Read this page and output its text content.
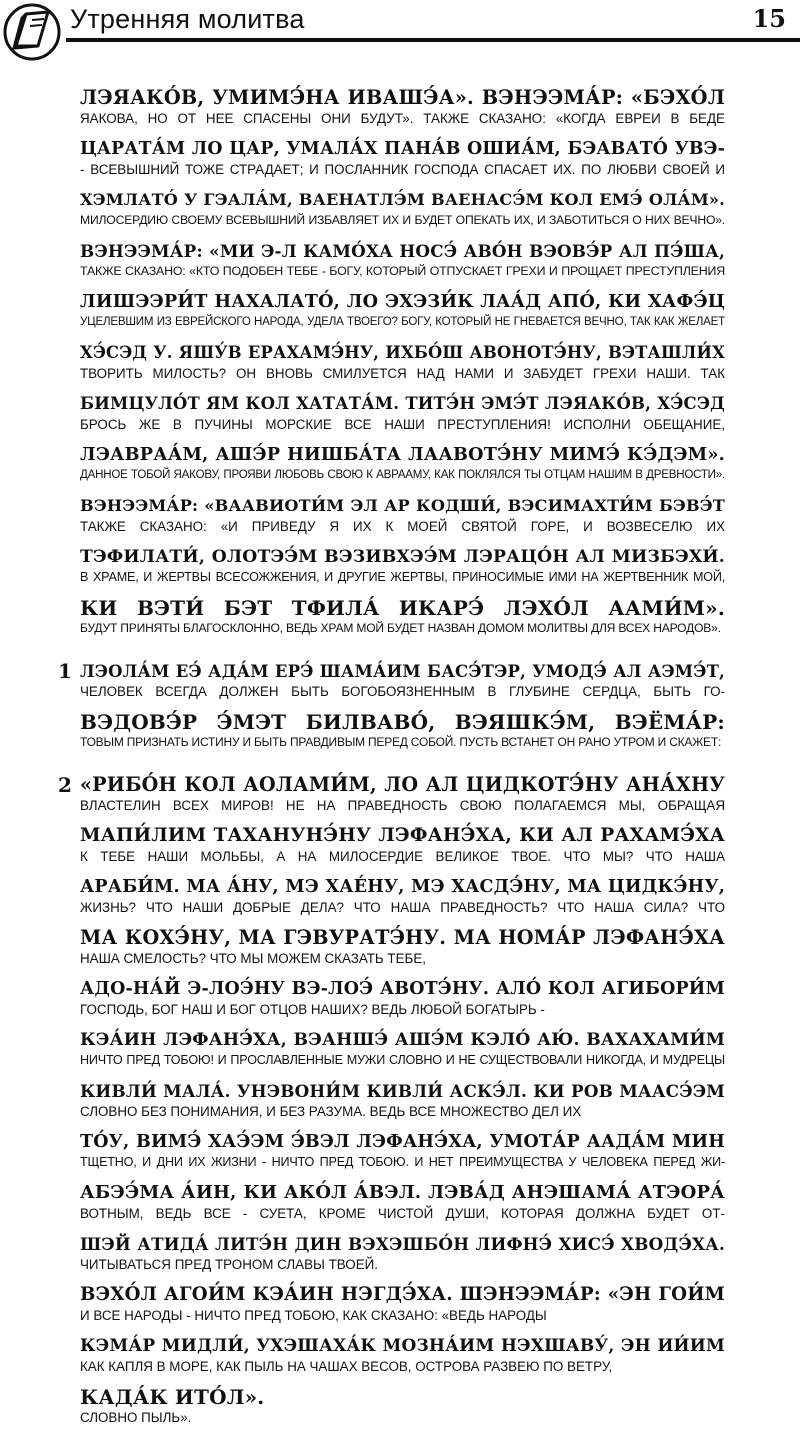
Утренняя молитва	15
ЛЭЯАКО́В, УМИМЭ́НА ИВАШЭ́А». ВЭНЭЭМА́Р: «БЭХО́Л
ЯАКОВА, НО ОТ НЕЕ СПАСЕНЫ ОНИ БУДУТ». ТАКЖЕ СКАЗАНО: «КОГДА ЕВРЕИ В БЕДЕ
ЦАРАТА́М ЛО ЦАР, УМАЛА́Х ПАНА́В ОШИА́М, БЭАВАТО́ УВЭ-
- ВСЕВЫШНИЙ ТОЖЕ СТРАДАЕТ; И ПОСЛАННИК ГОСПОДА СПАСАЕТ ИХ. ПО ЛЮБВИ СВОЕЙ И
ХЭМЛАТО́ У ГЭАЛА́М, ВАЕНАТЛЭ́М ВАЕНАСЭ́М КОЛ ЕМЭ́ ОЛА́М».
МИЛОСЕРДИЮ СВОЕМУ ВСЕВЫШНИЙ ИЗБАВЛЯЕТ ИХ И БУДЕТ ОПЕКАТЬ ИХ, И ЗАБОТИТЬСЯ О НИХ ВЕЧНО».
ВЭНЭЭМА́Р: «МИ Э-Л КАМО́ХА НОСЭ́ АВО́Н ВЭОВЭ́Р АЛ ПЭ́ША,
ТАКЖЕ СКАЗАНО: «КТО ПОДОБЕН ТЕБЕ - БОГУ, КОТОРЫЙ ОТПУСКАЕТ ГРЕХИ И ПРОЩАЕТ ПРЕСТУПЛЕНИЯ
ЛИШЭЭРИ́Т НАХАЛАТО́, ЛО ЭХЭЗИ́К ЛАА́Д АПО́, КИ ХАФЭ́Ц
УЦЕЛЕВШИМ ИЗ ЕВРЕЙСКОГО НАРОДА, УДЕЛА ТВОЕГО? БОГУ, КОТОРЫЙ НЕ ГНЕВАЕТСЯ ВЕЧНО, ТАК КАК ЖЕЛАЕТ
ХЭ́СЭД У. ЯШУ́В ЕРАХАМЭ́НУ, ИХБО́Ш АВОНОТЭ́НУ, ВЭТАШЛИ́Х
ТВОРИТЬ МИЛОСТЬ? ОН ВНОВЬ СМИЛУЕТСЯ НАД НАМИ И ЗАБУДЕТ ГРЕХИ НАШИ. ТАК
БИМЦУЛО́Т ЯМ КОЛ ХАТАТА́М. ТИТЭ́Н ЭМЭ́Т ЛЭЯАКО́В, ХЭ́СЭД
БРОСЬ ЖЕ В ПУЧИНЫ МОРСКИЕ ВСЕ НАШИ ПРЕСТУПЛЕНИЯ! ИСПОЛНИ ОБЕЩАНИЕ,
ЛЭАВРАА́М, АШЭ́Р НИШБА́ТА ЛААВОТЭ́НУ МИМЭ́ КЭ́ДЭМ».
ДАННОЕ ТОБОЙ ЯАКОВУ, ПРОЯВИ ЛЮБОВЬ СВОЮ К АВРААМУ, КАК ПОКЛЯЛСЯ ТЫ ОТЦАМ НАШИМ В ДРЕВНОСТИ».
ВЭНЭЭМА́Р: «ВААВИОТИ́М ЭЛ АР КОДШИ́, ВЭСИМАХТИ́М БЭВЭ́Т
ТАКЖЕ СКАЗАНО: «И ПРИВЕДУ Я ИХ К МОЕЙ СВЯТОЙ ГОРЕ, И ВОЗВЕСЕЛЮ ИХ
ТЭФИЛАТИ́, ОЛОТЭЭ́М ВЭЗИВХЭЭ́М ЛЭРАЦО́Н АЛ МИЗБЭХИ́.
В ХРАМЕ, И ЖЕРТВЫ ВСЕСОЖЖЕНИЯ, И ДРУГИЕ ЖЕРТВЫ, ПРИНОСИМЫЕ ИМИ НА ЖЕРТВЕННИК МОЙ,
КИ ВЭТИ́ БЭТ ТФИЛА́ ИКАРЭ́ ЛЭХО́Л ААМИ́М».
БУДУТ ПРИНЯТЫ БЛАГОСКЛОННО, ВЕДЬ ХРАМ МОЙ БУДЕТ НАЗВАН ДОМОМ МОЛИТВЫ ДЛЯ ВСЕХ НАРОДОВ».
1 ЛЭОЛА́М ЕЭ́ АДА́М ЕРЭ́ ШАМА́ИМ БАСЭ́ТЭР, УМОДЭ́ АЛ АЭМЭ́Т,
ЧЕЛОВЕК ВСЕГДА ДОЛЖЕН БЫТЬ БОГОБОЯЗНЕННЫМ В ГЛУБИНЕ СЕРДЦА, БЫТЬ ГО-
ВЭДОВЭ́Р Э́МЭТ БИЛВАВО́, ВЭЯШКЭ́М, ВЭЁМА́Р:
ТОВЫМ ПРИЗНАТЬ ИСТИНУ И БЫТЬ ПРАВДИВЫМ ПЕРЕД СОБОЙ. ПУСТЬ ВСТАНЕТ ОН РАНО УТРОМ И СКАЖЕТ:
2 «РИБО́Н КОЛ АОЛАМИ́М, ЛО АЛ ЦИДКОТЭ́НУ АНА́ХНУ
ВЛАСТЕЛИН ВСЕХ МИРОВ! НЕ НА ПРАВЕДНОСТЬ СВОЮ ПОЛАГАЕМСЯ МЫ, ОБРАЩАЯ
МАПИ́ЛИМ ТАХАНУНЭ́НУ ЛЭФАНЭ́ХА, КИ АЛ РАХАМЭ́ХА
К ТЕБЕ НАШИ МОЛЬБЫ, А НА МИЛОСЕРДИЕ ВЕЛИКОЕ ТВОЕ. ЧТО МЫ? ЧТО НАША
АРАБИ́М. МА А́НУ, МЭ ХАЕ́НУ, МЭ ХАСДЭ́НУ, МА ЦИДКЭ́НУ,
ЖИЗНЬ? ЧТО НАШИ ДОБРЫЕ ДЕЛА? ЧТО НАША ПРАВЕДНОСТЬ? ЧТО НАША СИЛА? ЧТО
МА КОХЭ́НУ, МА ГЭВУРАТЭ́НУ. МА НОМА́Р ЛЭФАНЭ́ХА
НАША СМЕЛОСТЬ? ЧТО МЫ МОЖЕМ СКАЗАТЬ ТЕБЕ,
АДО-НА́Й Э-ЛОЭ́НУ ВЭ-ЛОЭ́ АВОТЭ́НУ. АЛО́ КОЛ АГИБОРИ́М
ГОСПОДЬ, БОГ НАШ И БОГ ОТЦОВ НАШИХ? ВЕДЬ ЛЮБОЙ БОГАТЫРЬ -
КЭА́ИН ЛЭФАНЭ́ХА, ВЭАНШЭ́ АШЭ́М КЭЛО́ АЮ́. ВАХАХАМИ́М
НИЧТО ПРЕД ТОБОЮ! И ПРОСЛАВЛЕННЫЕ МУЖИ СЛОВНО И НЕ СУЩЕСТВОВАЛИ НИКОГДА, И МУДРЕЦЫ
КИВЛИ́ МАЛА́. УНЭВОНИ́М КИВЛИ́ АСКЭ́Л. КИ РОВ МААСЭ́ЭМ
СЛОВНО БЕЗ ПОНИМАНИЯ, И БЕЗ РАЗУМА. ВЕДЬ ВСЕ МНОЖЕСТВО ДЕЛ ИХ
ТО́У, ВИМЭ́ ХАЭ́ЭМ Э́ВЭЛ ЛЭФАНЭ́ХА, УМОТА́Р ААДА́М МИН
ТЩЕТНО, И ДНИ ИХ ЖИЗНИ - НИЧТО ПРЕД ТОБОЮ. И НЕТ ПРЕИМУЩЕСТВА У ЧЕЛОВЕКА ПЕРЕД ЖИ-
АБЭЭ́МА А́ИН, КИ АКО́Л А́ВЭЛ. ЛЭВА́Д АНЭШАМА́ АТЭОРА́
ВОТНЫМ, ВЕДЬ ВСЕ - СУЕТА, КРОМЕ ЧИСТОЙ ДУШИ, КОТОРАЯ ДОЛЖНА БУДЕТ ОТ-
ШЭЙ АТИДА́ ЛИТЭ́Н ДИН ВЭХЭШБО́Н ЛИФНЭ́ ХИСЭ́ ХВОДЭ́ХА.
ЧИТЫВАТЬСЯ ПРЕД ТРОНОМ СЛАВЫ ТВОЕЙ.
ВЭХО́Л АГОИ́М КЭА́ИН НЭГДЭ́ХА. ШЭНЭЭМА́Р: «ЭН ГОИ́М
И ВСЕ НАРОДЫ - НИЧТО ПРЕД ТОБОЮ, КАК СКАЗАНО: «ВЕДЬ НАРОДЫ
КЭМА́Р МИДЛИ́, УХЭШАХА́К МОЗНА́ИМ НЭХШАВУ́, ЭН ИИ́ИМ
КАК КАПЛЯ В МОРЕ, КАК ПЫЛЬ НА ЧАШАХ ВЕСОВ, ОСТРОВА РАЗВЕЮ ПО ВЕТРУ,
КАДА́К ИТО́Л».
СЛОВНО ПЫЛЬ».
